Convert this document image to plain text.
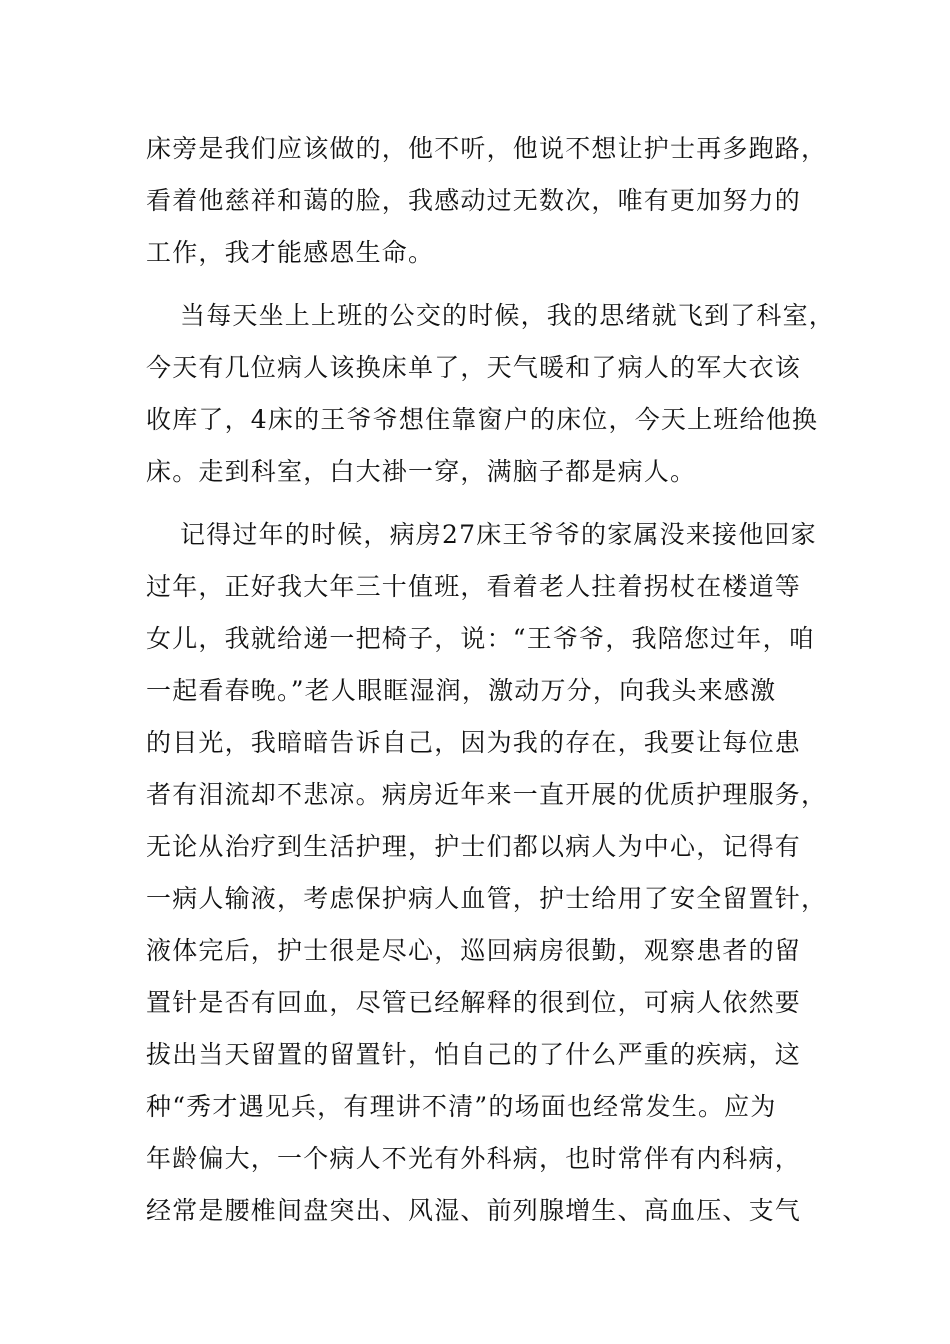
床旁是我们应该做的，他不听，他说不想让护士再多跑路，
看着他慈祥和蔼的脸，我感动过无数次，唯有更加努力的
工作，我才能感恩生命。
当每天坐上上班的公交的时候，我的思绪就飞到了科室，
今天有几位病人该换床单了，天气暖和了病人的军大衣该
收库了，4床的王爷爷想住靠窗户的床位，今天上班给他换
床。走到科室，白大褂一穿，满脑子都是病人。
记得过年的时候，病房27床王爷爷的家属没来接他回家
过年，正好我大年三十值班，看着老人拄着拐杖在楼道等
女儿，我就给递一把椅子，说：“王爷爷，我陪您过年，咱
一起看春晚。”老人眼眶湿润，激动万分，向我头来感激
的目光，我暗暗告诉自己，因为我的存在，我要让每位患
者有泪流却不悲凉。病房近年来一直开展的优质护理服务，
无论从治疗到生活护理，护士们都以病人为中心，记得有
一病人输液，考虑保护病人血管，护士给用了安全留置针，
液体完后，护士很是尽心，巡回病房很勤，观察患者的留
置针是否有回血，尽管已经解释的很到位，可病人依然要
拔出当天留置的留置针，怕自己的了什么严重的疾病，这
种“秀才遇见兵，有理讲不清”的场面也经常发生。应为
年龄偏大，一个病人不光有外科病，也时常伴有内科病，
经常是腰椎间盘突出、风湿、前列腺增生、高血压、支气
